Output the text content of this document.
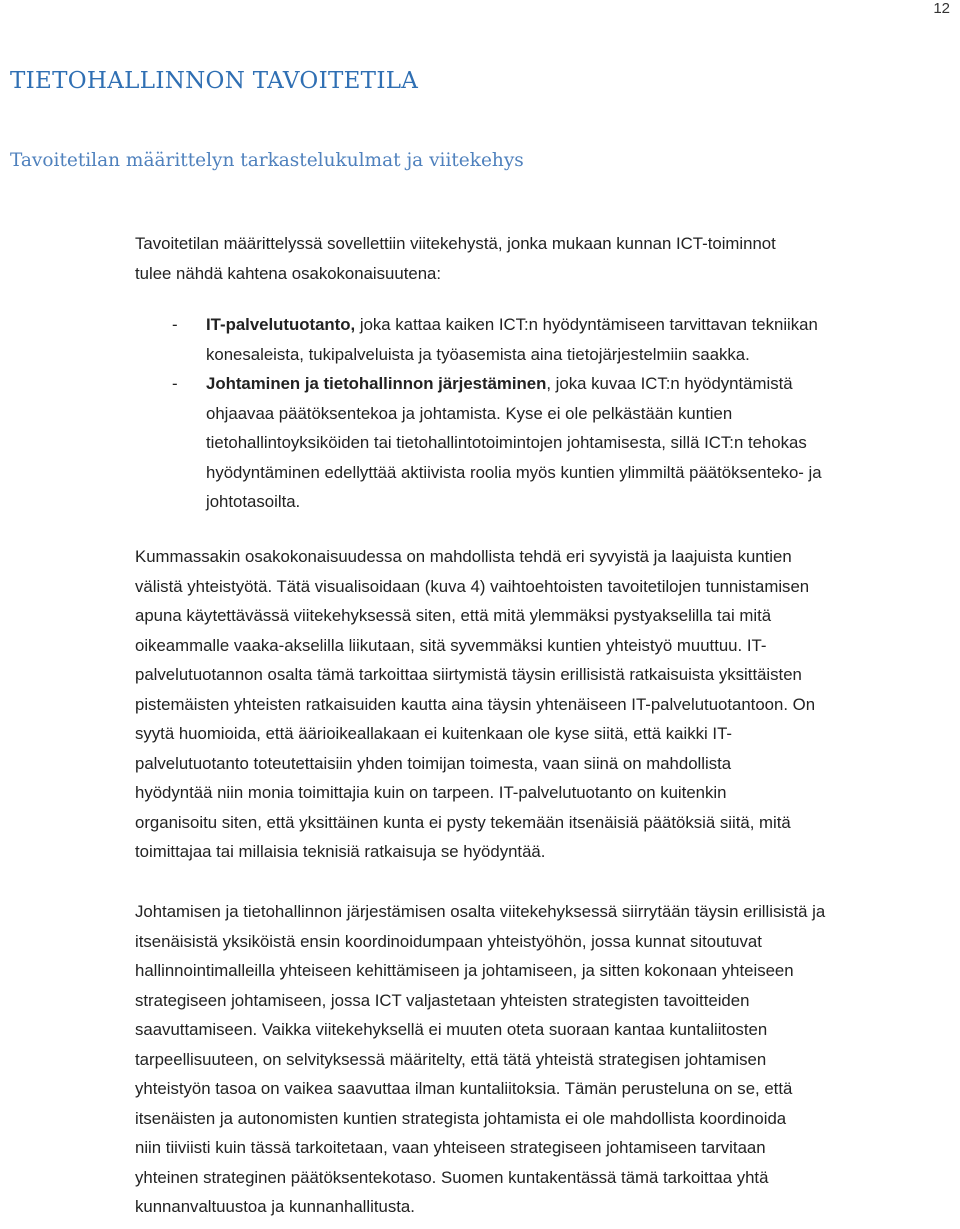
12
TIETOHALLINNON TAVOITETILA
Tavoitetilan määrittelyn tarkastelukulmat ja viitekehys
Tavoitetilan määrittelyssä sovellettiin viitekehystä, jonka mukaan kunnan ICT-toiminnot
tulee nähdä kahtena osakokonaisuutena:
- IT-palvelutuotanto, joka kattaa kaiken ICT:n hyödyntämiseen tarvittavan tekniikan
konesaleista, tukipalveluista ja työasemista aina tietojärjestelmiin saakka.
- Johtaminen ja tietohallinnon järjestäminen, joka kuvaa ICT:n hyödyntämistä
ohjaavaa päätöksentekoa ja johtamista. Kyse ei ole pelkästään kuntien
tietohallintoyksiköiden tai tietohallintotoimintojen johtamisesta, sillä ICT:n tehokas
hyödyntäminen edellyttää aktiivista roolia myös kuntien ylimmiltä päätöksenteko- ja
johtotasoilta.
Kummassakin osakokonaisuudessa on mahdollista tehdä eri syvyistä ja laajuista kuntien
välistä yhteistyötä. Tätä visualisoidaan (kuva 4) vaihtoehtoisten tavoitetilojen tunnistamisen
apuna käytettävässä viitekehyksessä siten, että mitä ylemmäksi pystyakselilla tai mitä
oikeammalle vaaka-akselilla liikutaan, sitä syvemmäksi kuntien yhteistyö muuttuu. IT-
palvelutuotannon osalta tämä tarkoittaa siirtymistä täysin erillisistä ratkaisuista yksittäisten
pistemäisten yhteisten ratkaisuiden kautta aina täysin yhtenäiseen IT-palvelutuotantoon. On
syytä huomioida, että äärioikeallakaan ei kuitenkaan ole kyse siitä, että kaikki IT-
palvelutuotanto toteutettaisiin yhden toimijan toimesta, vaan siinä on mahdollista
hyödyntää niin monia toimittajia kuin on tarpeen. IT-palvelutuotanto on kuitenkin
organisoitu siten, että yksittäinen kunta ei pysty tekemään itsenäisiä päätöksiä siitä, mitä
toimittajaa tai millaisia teknisiä ratkaisuja se hyödyntää.
Johtamisen ja tietohallinnon järjestämisen osalta viitekehyksessä siirrytään täysin erillisistä ja
itsenäisistä yksiköistä ensin koordinoidumpaan yhteistyöhön, jossa kunnat sitoutuvat
hallinnointimalleilla yhteiseen kehittämiseen ja johtamiseen, ja sitten kokonaan yhteiseen
strategiseen johtamiseen, jossa ICT valjastetaan yhteisten strategisten tavoitteiden
saavuttamiseen. Vaikka viitekehyksellä ei muuten oteta suoraan kantaa kuntaliitosten
tarpeellisuuteen, on selvityksessä määritelty, että tätä yhteistä strategisen johtamisen
yhteistyön tasoa on vaikea saavuttaa ilman kuntaliitoksia. Tämän perusteluna on se, että
itsenäisten ja autonomisten kuntien strategista johtamista ei ole mahdollista koordinoida
niin tiiviisti kuin tässä tarkoitetaan, vaan yhteiseen strategiseen johtamiseen tarvitaan
yhteinen strateginen päätöksentekotaso. Suomen kuntakentässä tämä tarkoittaa yhtä
kunnanvaltuustoa ja kunnanhallitusta.
